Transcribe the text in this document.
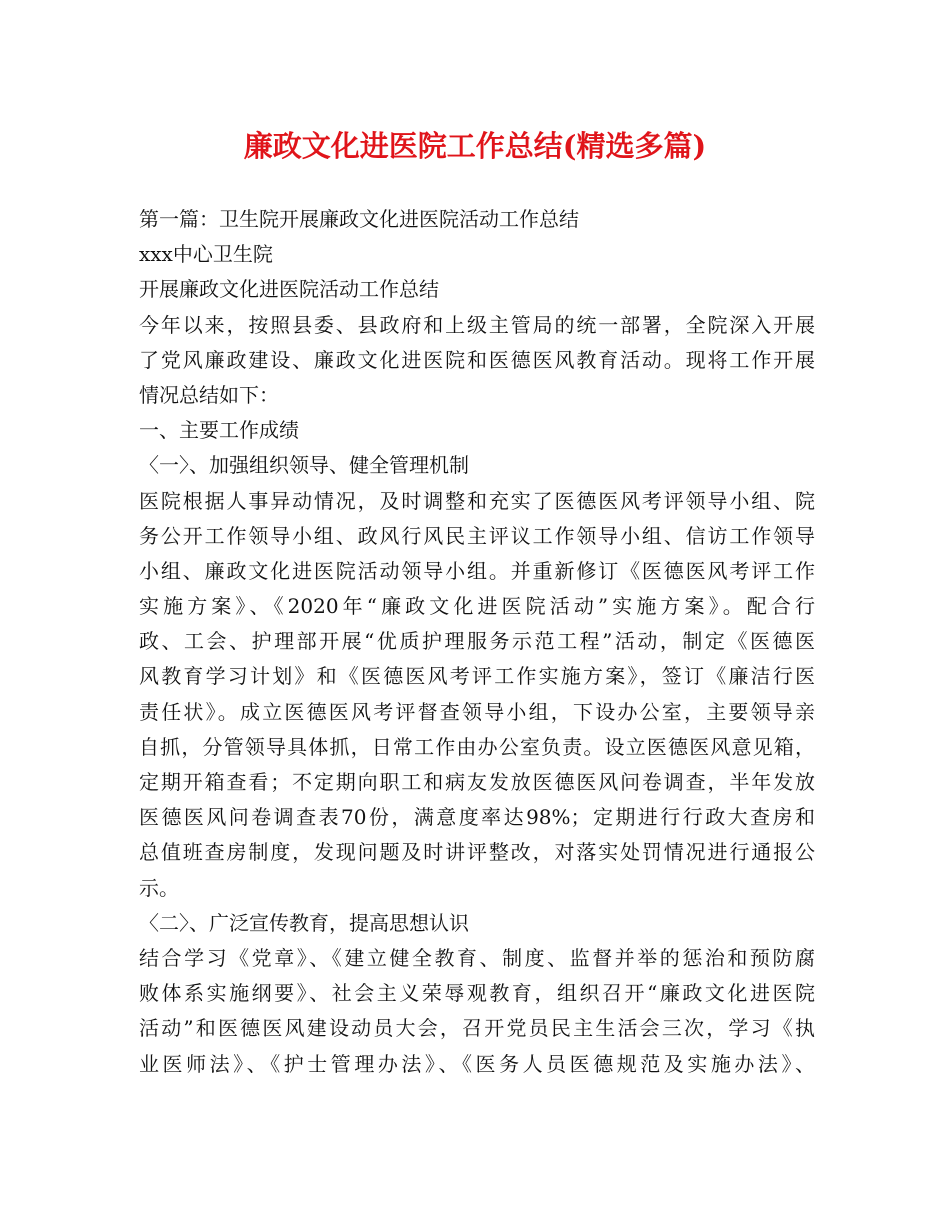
廉政文化进医院工作总结(精选多篇)
第一篇：卫生院开展廉政文化进医院活动工作总结
xxx中心卫生院
开展廉政文化进医院活动工作总结
今年以来，按照县委、县政府和上级主管局的统一部署，全院深入开展
了党风廉政建设、廉政文化进医院和医德医风教育活动。现将工作开展
情况总结如下：
一、主要工作成绩
〈一〉、加强组织领导、健全管理机制
医院根据人事异动情况，及时调整和充实了医德医风考评领导小组、院
务公开工作领导小组、政风行风民主评议工作领导小组、信访工作领导
小组、廉政文化进医院活动领导小组。并重新修订《医德医风考评工作
实施方案》、《2020年“廉政文化进医院活动”实施方案》。配合行
政、工会、护理部开展“优质护理服务示范工程”活动，制定《医德医
风教育学习计划》和《医德医风考评工作实施方案》，签订《廉洁行医
责任状》。成立医德医风考评督查领导小组，下设办公室，主要领导亲
自抓，分管领导具体抓，日常工作由办公室负责。设立医德医风意见箱，
定期开箱查看；不定期向职工和病友发放医德医风问卷调查，半年发放
医德医风问卷调查表70份，满意度率达98%；定期进行行政大查房和
总值班查房制度，发现问题及时讲评整改，对落实处罚情况进行通报公
示。
〈二〉、广泛宣传教育，提高思想认识
结合学习《党章》、《建立健全教育、制度、监督并举的惩治和预防腐
败体系实施纲要》、社会主义荣辱观教育，组织召开“廉政文化进医院
活动”和医德医风建设动员大会，召开党员民主生活会三次，学习《执
业医师法》、《护士管理办法》、《医务人员医德规范及实施办法》、
